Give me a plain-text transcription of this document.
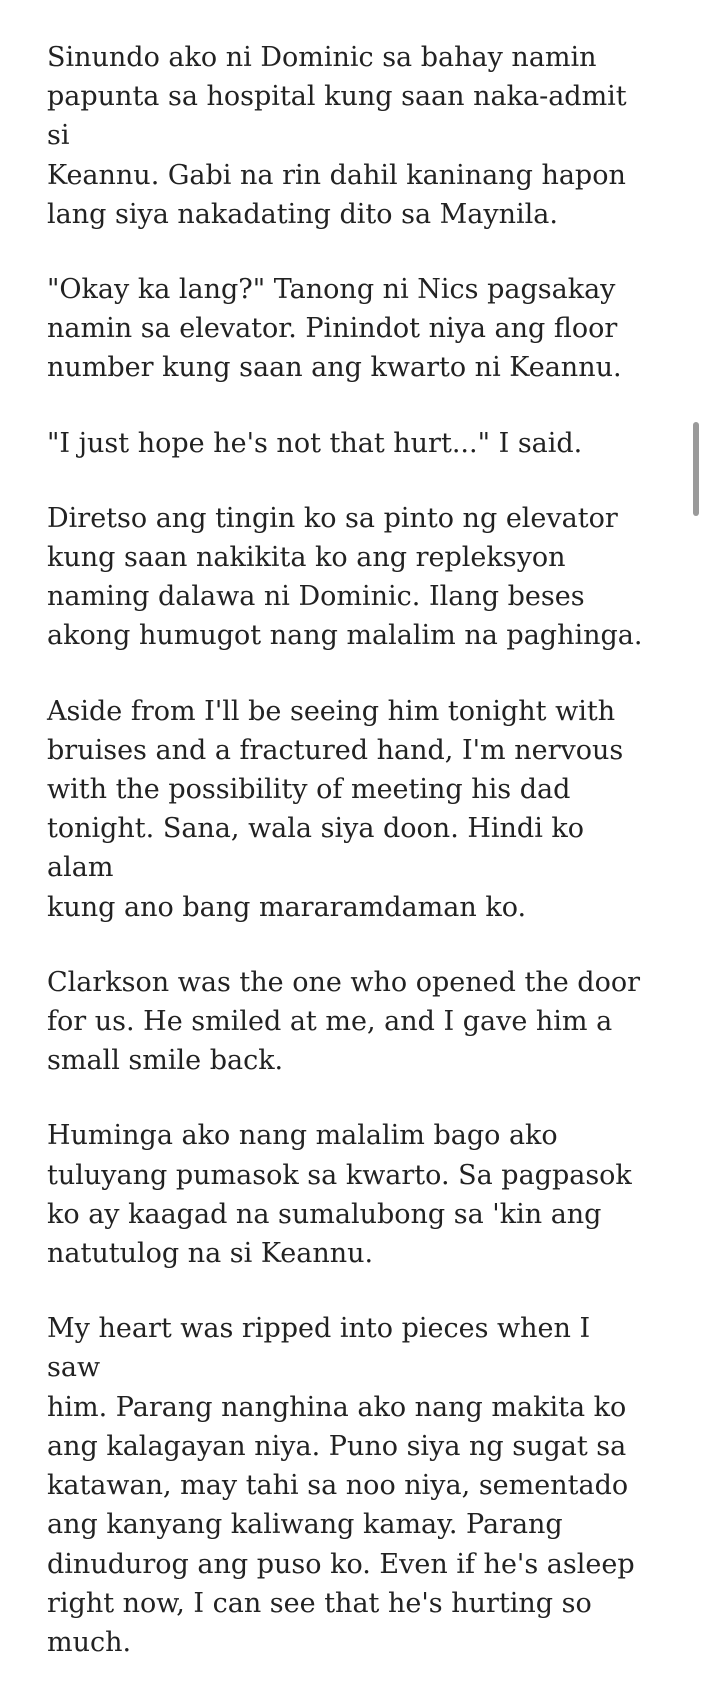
Sinundo ako ni Dominic sa bahay namin
papunta sa hospital kung saan naka-admit si
Keannu. Gabi na rin dahil kaninang hapon
lang siya nakadating dito sa Maynila.

"Okay ka lang?" Tanong ni Nics pagsakay
namin sa elevator. Pinindot niya ang floor
number kung saan ang kwarto ni Keannu.

"I just hope he's not that hurt..." I said.

Diretso ang tingin ko sa pinto ng elevator
kung saan nakikita ko ang repleksyon
naming dalawa ni Dominic. Ilang beses
akong humugot nang malalim na paghinga.

Aside from I'll be seeing him tonight with
bruises and a fractured hand, I'm nervous
with the possibility of meeting his dad
tonight. Sana, wala siya doon. Hindi ko alam
kung ano bang mararamdaman ko.

Clarkson was the one who opened the door
for us. He smiled at me, and I gave him a
small smile back.

Huminga ako nang malalim bago ako
tuluyang pumasok sa kwarto. Sa pagpasok
ko ay kaagad na sumalubong sa 'kin ang
natutulog na si Keannu.

My heart was ripped into pieces when I saw
him. Parang nanghina ako nang makita ko
ang kalagayan niya. Puno siya ng sugat sa
katawan, may tahi sa noo niya, sementado
ang kanyang kaliwang kamay. Parang
dinudurog ang puso ko. Even if he's asleep
right now, I can see that he's hurting so
much.
